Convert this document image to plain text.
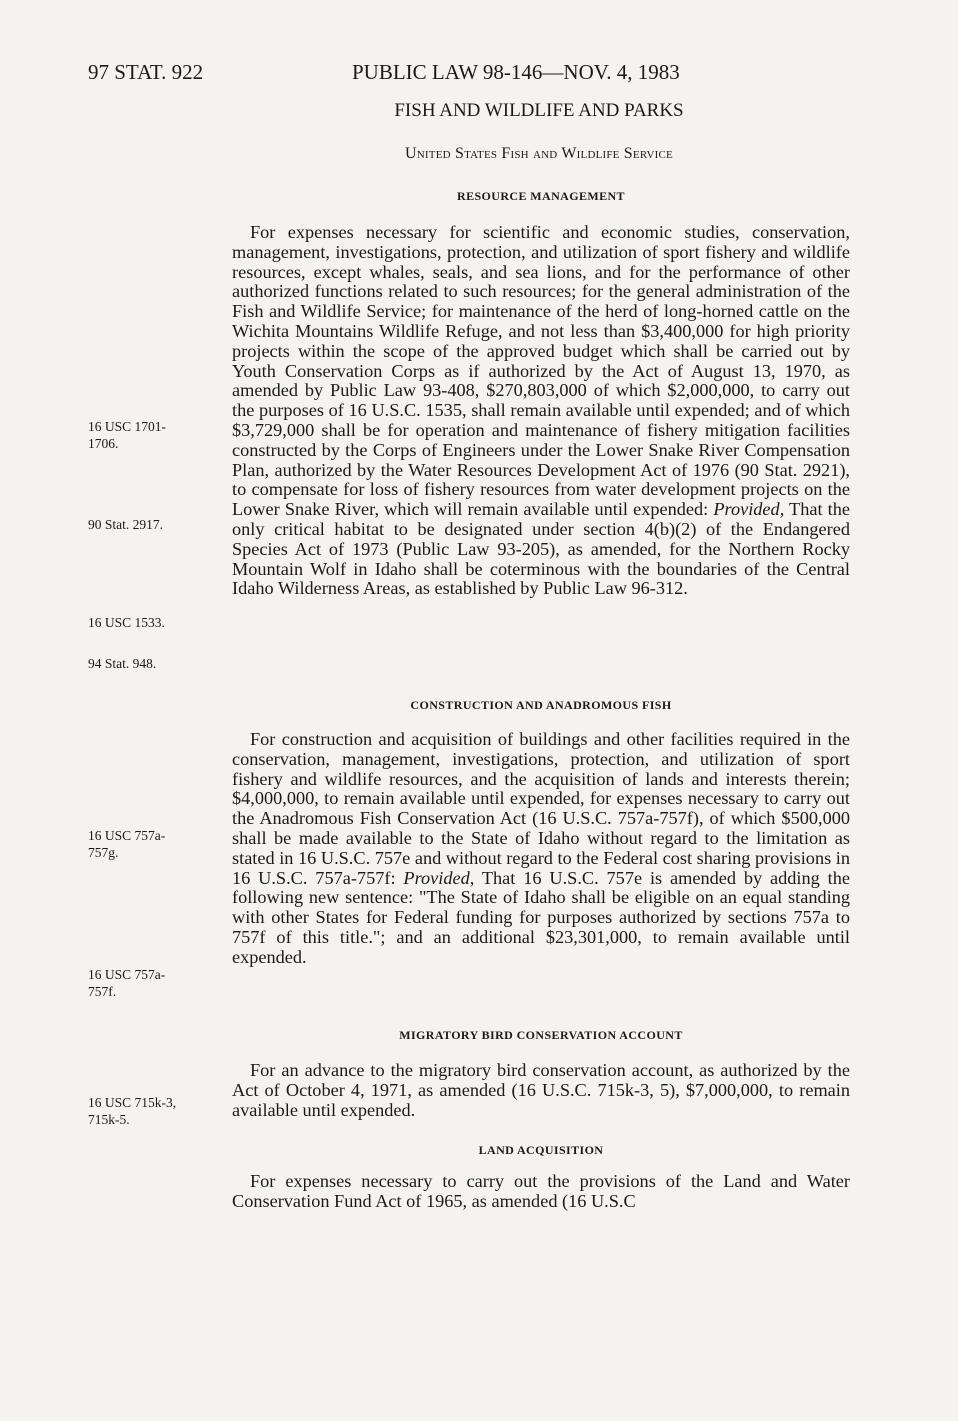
97 STAT. 922	PUBLIC LAW 98-146—NOV. 4, 1983
FISH AND WILDLIFE AND PARKS
United States Fish and Wildlife Service
RESOURCE MANAGEMENT

For expenses necessary for scientific and economic studies, conservation, management, investigations, protection, and utilization of sport fishery and wildlife resources, except whales, seals, and sea lions, and for the performance of other authorized functions related to such resources; for the general administration of the Fish and Wildlife Service; for maintenance of the herd of long-horned cattle on the Wichita Mountains Wildlife Refuge, and not less than $3,400,000 for high priority projects within the scope of the approved budget which shall be carried out by Youth Conservation Corps as if authorized by the Act of August 13, 1970, as amended by Public Law 93-408, $270,803,000 of which $2,000,000, to carry out the purposes of 16 U.S.C. 1535, shall remain available until expended; and of which $3,729,000 shall be for operation and maintenance of fishery mitigation facilities constructed by the Corps of Engineers under the Lower Snake River Compensation Plan, authorized by the Water Resources Development Act of 1976 (90 Stat. 2921), to compensate for loss of fishery resources from water development projects on the Lower Snake River, which will remain available until expended: Provided, That the only critical habitat to be designated under section 4(b)(2) of the Endangered Species Act of 1973 (Public Law 93-205), as amended, for the Northern Rocky Mountain Wolf in Idaho shall be coterminous with the boundaries of the Central Idaho Wilderness Areas, as established by Public Law 96-312.

CONSTRUCTION AND ANADROMOUS FISH

For construction and acquisition of buildings and other facilities required in the conservation, management, investigations, protection, and utilization of sport fishery and wildlife resources, and the acquisition of lands and interests therein; $4,000,000, to remain available until expended, for expenses necessary to carry out the Anadromous Fish Conservation Act (16 U.S.C. 757a-757f), of which $500,000 shall be made available to the State of Idaho without regard to the limitation as stated in 16 U.S.C. 757e and without regard to the Federal cost sharing provisions in 16 U.S.C. 757a-757f: Provided, That 16 U.S.C. 757e is amended by adding the following new sentence: "The State of Idaho shall be eligible on an equal standing with other States for Federal funding for purposes authorized by sections 757a to 757f of this title."; and an additional $23,301,000, to remain available until expended.

MIGRATORY BIRD CONSERVATION ACCOUNT

For an advance to the migratory bird conservation account, as authorized by the Act of October 4, 1971, as amended (16 U.S.C. 715k-3, 5), $7,000,000, to remain available until expended.

LAND ACQUISITION

For expenses necessary to carry out the provisions of the Land and Water Conservation Fund Act of 1965, as amended (16 U.S.C

16 USC 1701-1706.
90 Stat. 2917.
16 USC 1533.
94 Stat. 948.
16 USC 757a-757g.
16 USC 757a-757f.
16 USC 715k-3, 715k-5.
